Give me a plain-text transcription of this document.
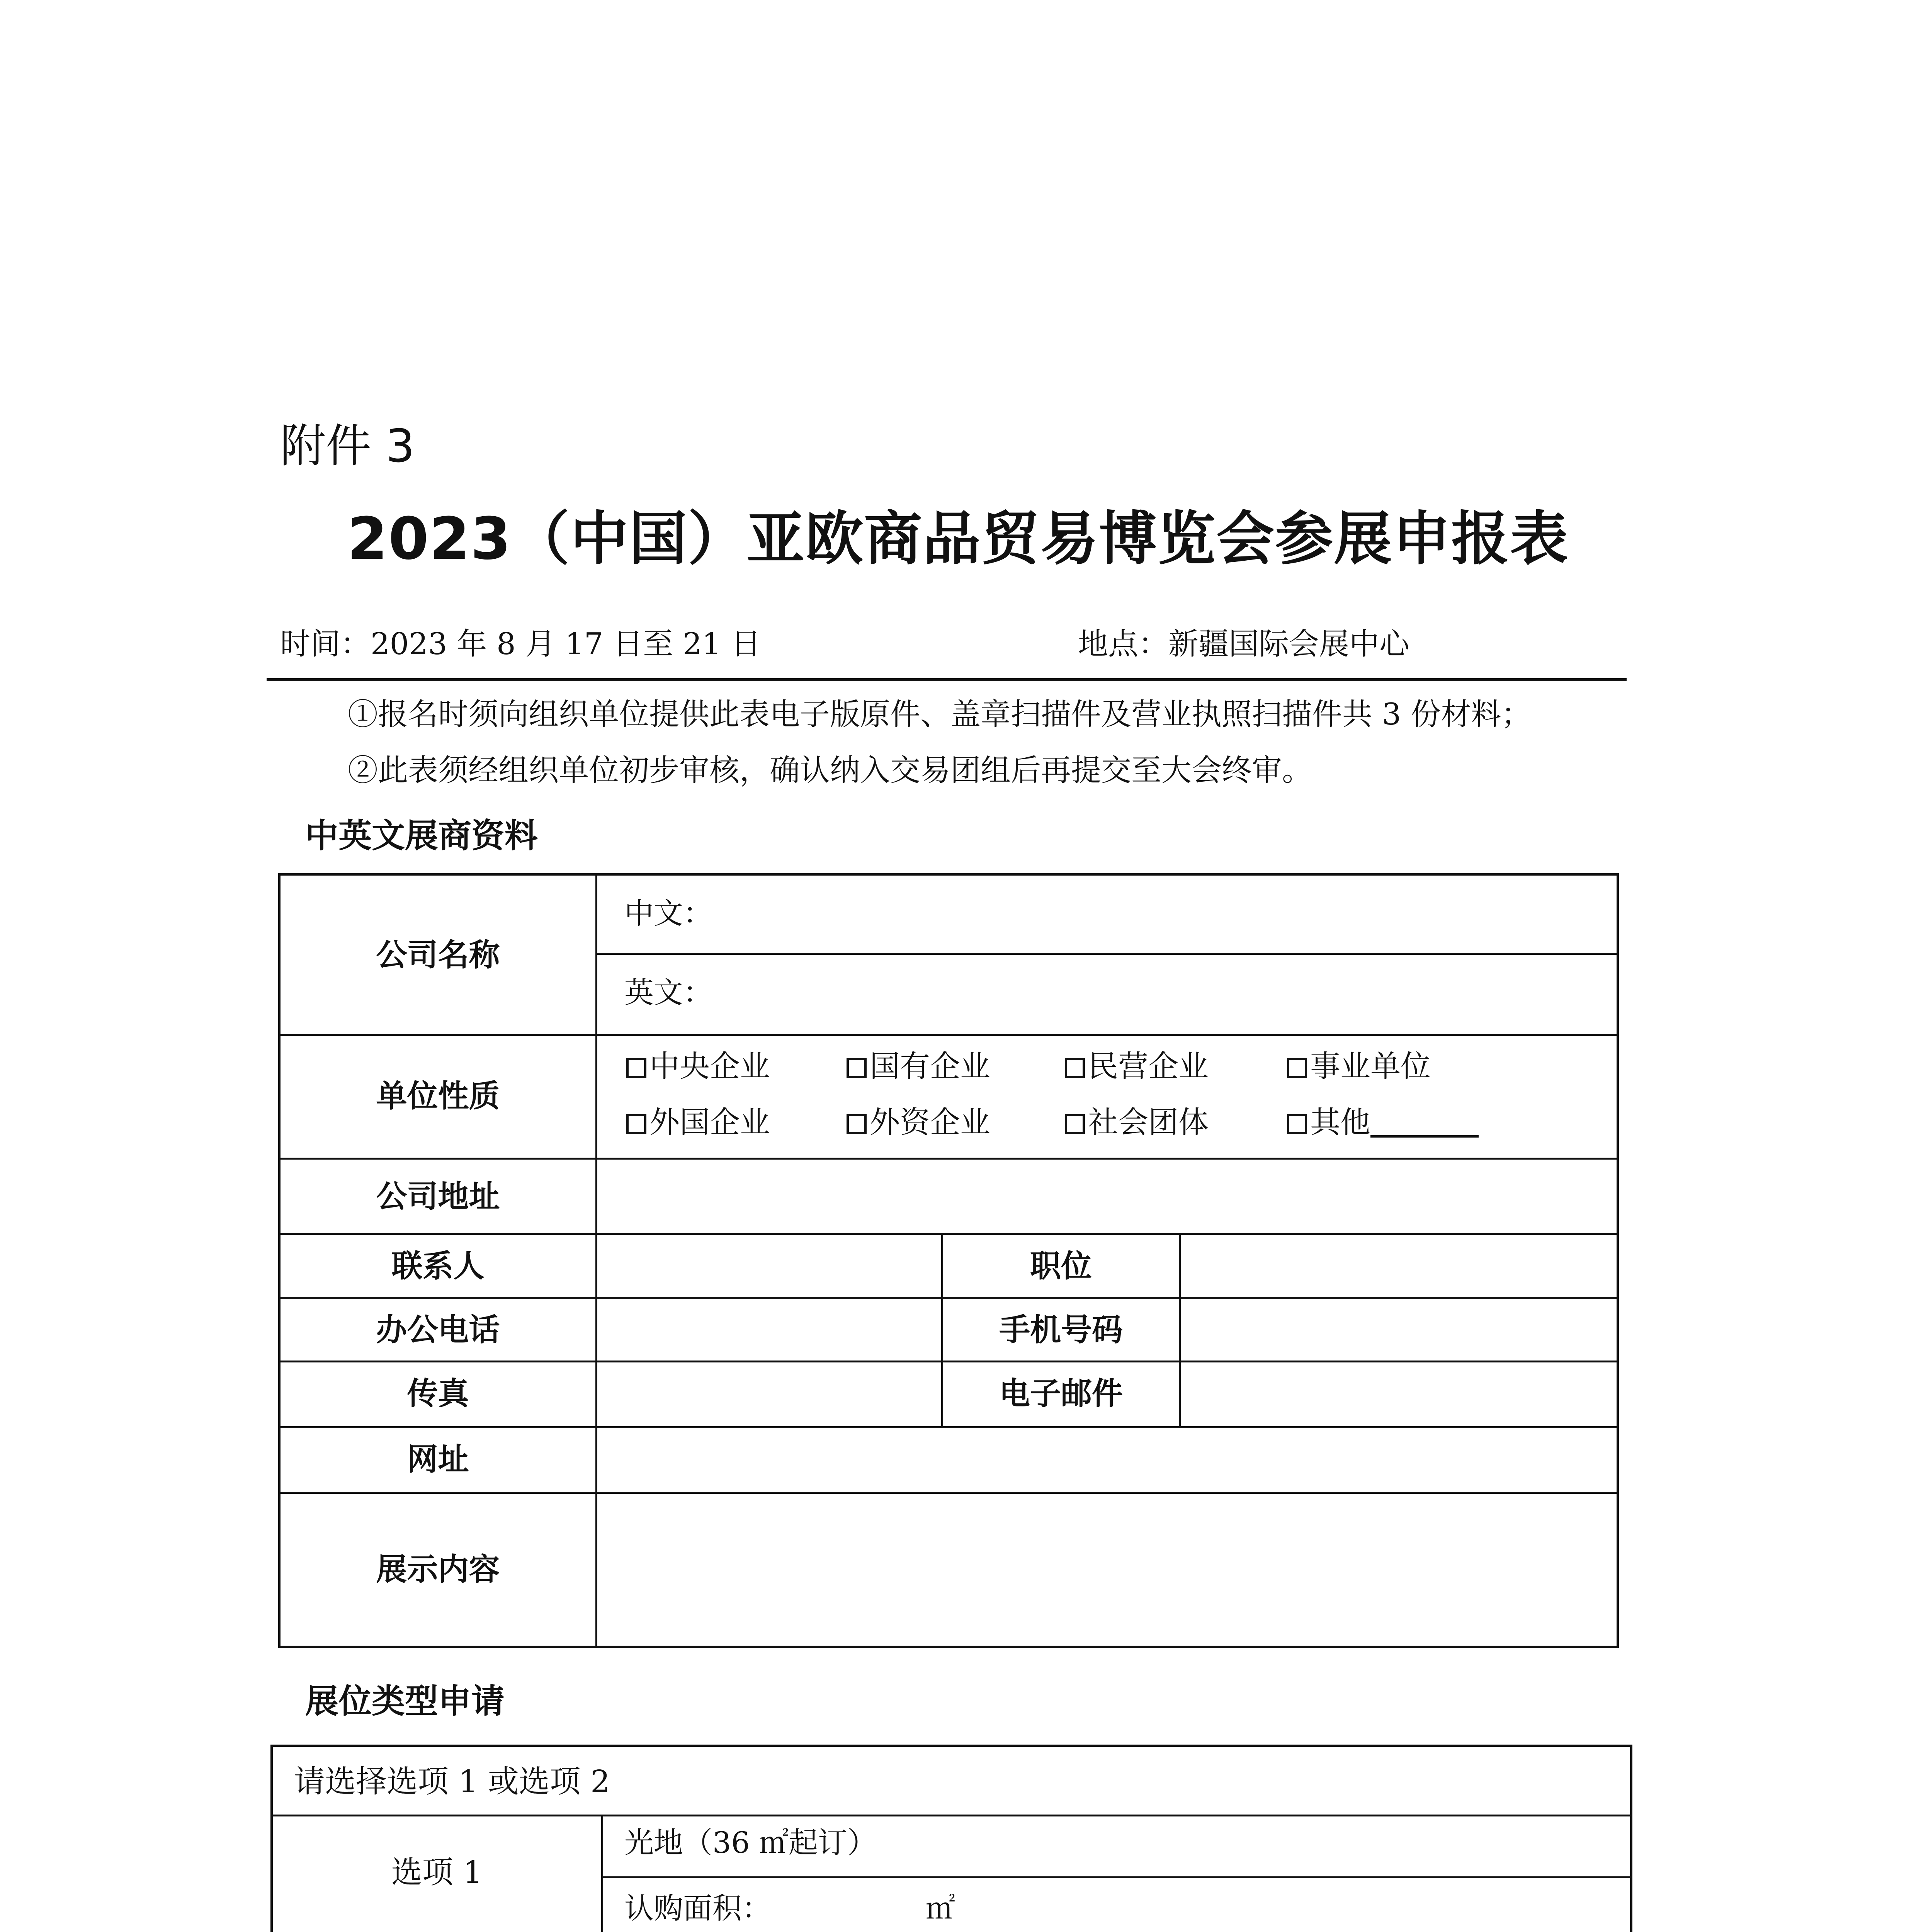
附件 3
2023（中国）亚欧商品贸易博览会参展申报表
时间：2023 年 8 月 17 日至 21 日	地点：新疆国际会展中心
①报名时须向组织单位提供此表电子版原件、盖章扫描件及营业执照扫描件共 3 份材料；
②此表须经组织单位初步审核，确认纳入交易团组后再提交至大会终审。
中英文展商资料
公司名称
中文：
英文：
单位性质
中央企业	国有企业	民营企业	事业单位
外国企业	外资企业	社会团体	其他
公司地址
联系人	职位
办公电话	手机号码
传真	电子邮件
网址
展示内容
展位类型申请
请选择选项 1 或选项 2
选项 1
光地（36 ㎡起订）
认购面积：	㎡
